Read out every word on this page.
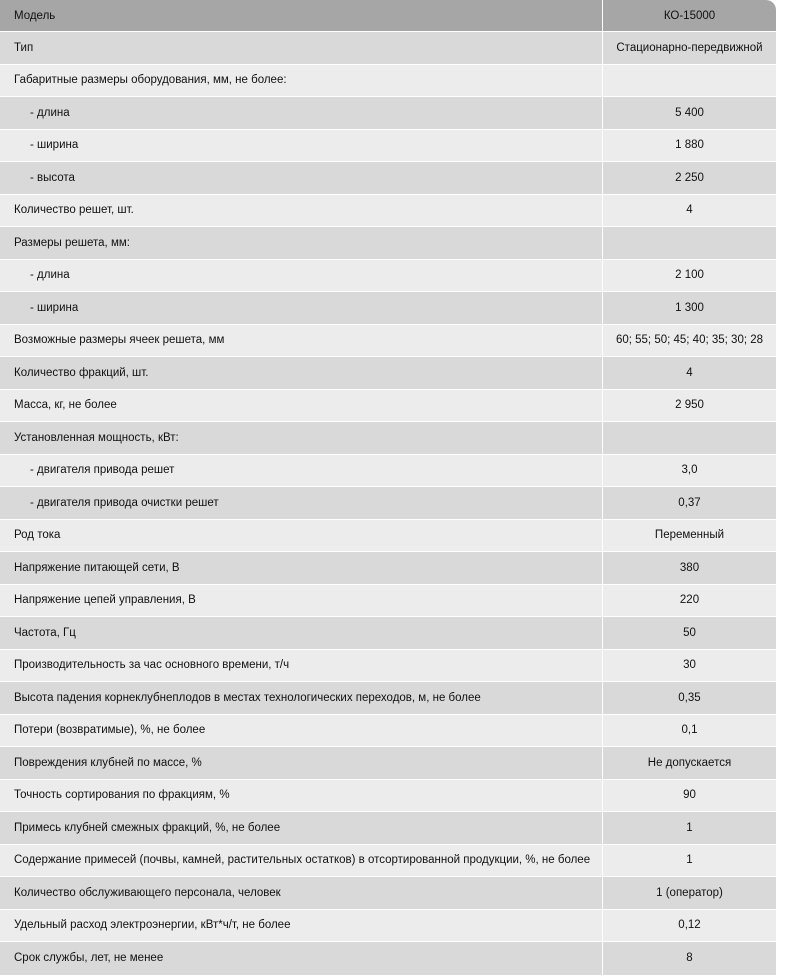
Модель	КО-15000
Тип	Стационарно-передвижной
Габаритные размеры оборудования, мм, не более:
- длина	5 400
- ширина	1 880
- высота	2 250
Количество решет, шт.	4
Размеры решета, мм:
- длина	2 100
- ширина	1 300
Возможные размеры ячеек решета, мм	60; 55; 50; 45; 40; 35; 30; 28
Количество фракций, шт.	4
Масса, кг, не более	2 950
Установленная мощность, кВт:
- двигателя привода решет	3,0
- двигателя привода очистки решет	0,37
Род тока	Переменный
Напряжение питающей сети, В	380
Напряжение цепей управления, В	220
Частота, Гц	50
Производительность за час основного времени, т/ч	30
Высота падения корнеклубнеплодов в местах технологических переходов, м, не более	0,35
Потери (возвратимые), %, не более	0,1
Повреждения клубней по массе, %	Не допускается
Точность сортирования по фракциям, %	90
Примесь клубней смежных фракций, %, не более	1
Содержание примесей (почвы, камней, растительных остатков) в отсортированной продукции, %, не более	1
Количество обслуживающего персонала, человек	1 (оператор)
Удельный расход электроэнергии, кВт*ч/т, не более	0,12
Срок службы, лет, не менее	8
